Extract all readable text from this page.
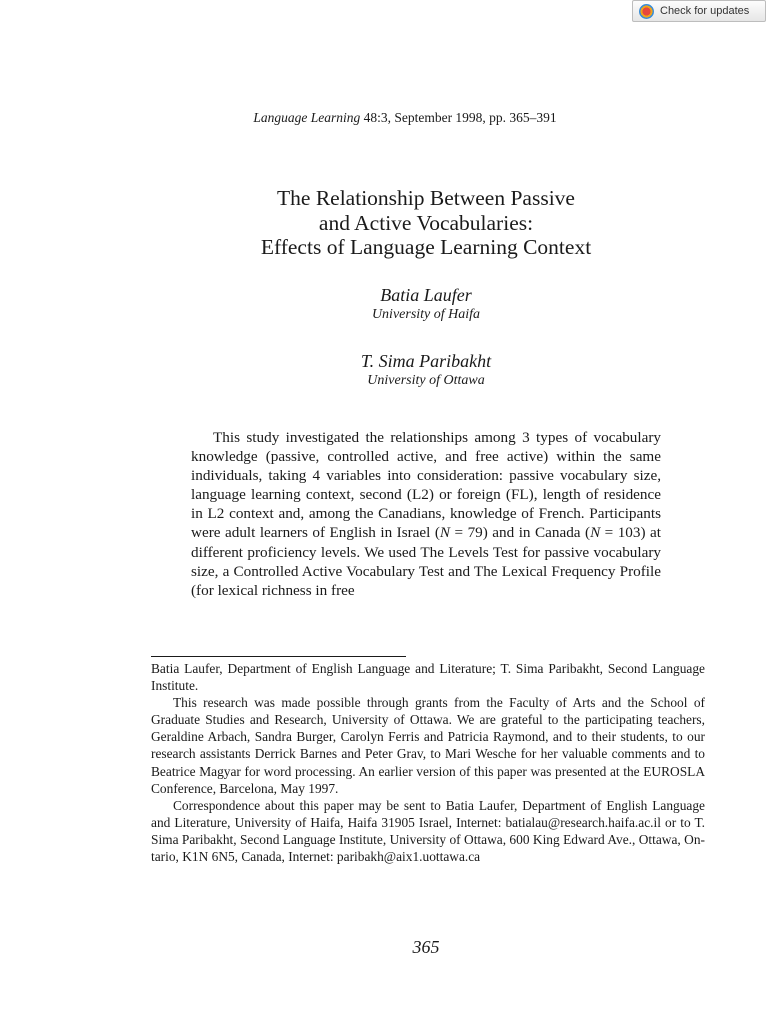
Check for updates
Language Learning 48:3, September 1998, pp. 365–391
The Relationship Between Passive
and Active Vocabularies:
Effects of Language Learning Context
Batia Laufer
University of Haifa
T. Sima Paribakht
University of Ottawa

This study investigated the relationships among 3 types of vocabulary knowledge (passive, controlled active, and free active) within the same individuals, taking 4 variables into consideration: passive vocabulary size, language learning context, second (L2) or foreign (FL), length of residence in L2 context and, among the Canadians, knowledge of French. Participants were adult learners of English in Israel (N = 79) and in Canada (N = 103) at different proficiency levels. We used The Levels Test for passive vocabulary size, a Controlled Active Vocabulary Test and The Lexical Frequency Profile (for lexical richness in free

Batia Laufer, Department of English Language and Literature; T. Sima Paribakht, Second Language Institute.

This research was made possible through grants from the Faculty of Arts and the School of Graduate Studies and Research, University of Ottawa. We are grateful to the participating teachers, Geraldine Arbach, Sandra Burger, Carolyn Ferris and Patricia Raymond, and to their students, to our research assistants Derrick Barnes and Peter Grav, to Mari Wesche for her valuable comments and to Beatrice Magyar for word processing. An earlier version of this paper was presented at the EUROSLA Conference, Barcelona, May 1997.

Correspondence about this paper may be sent to Batia Laufer, Department of English Language and Literature, University of Haifa, Haifa 31905 Israel, Internet: batialau@research.haifa.ac.il or to T. Sima Paribakht, Second Language Institute, University of Ottawa, 600 King Edward Ave., Ottawa, Ontario, K1N 6N5, Canada, Internet: paribakh@aix1.uottawa.ca

365
